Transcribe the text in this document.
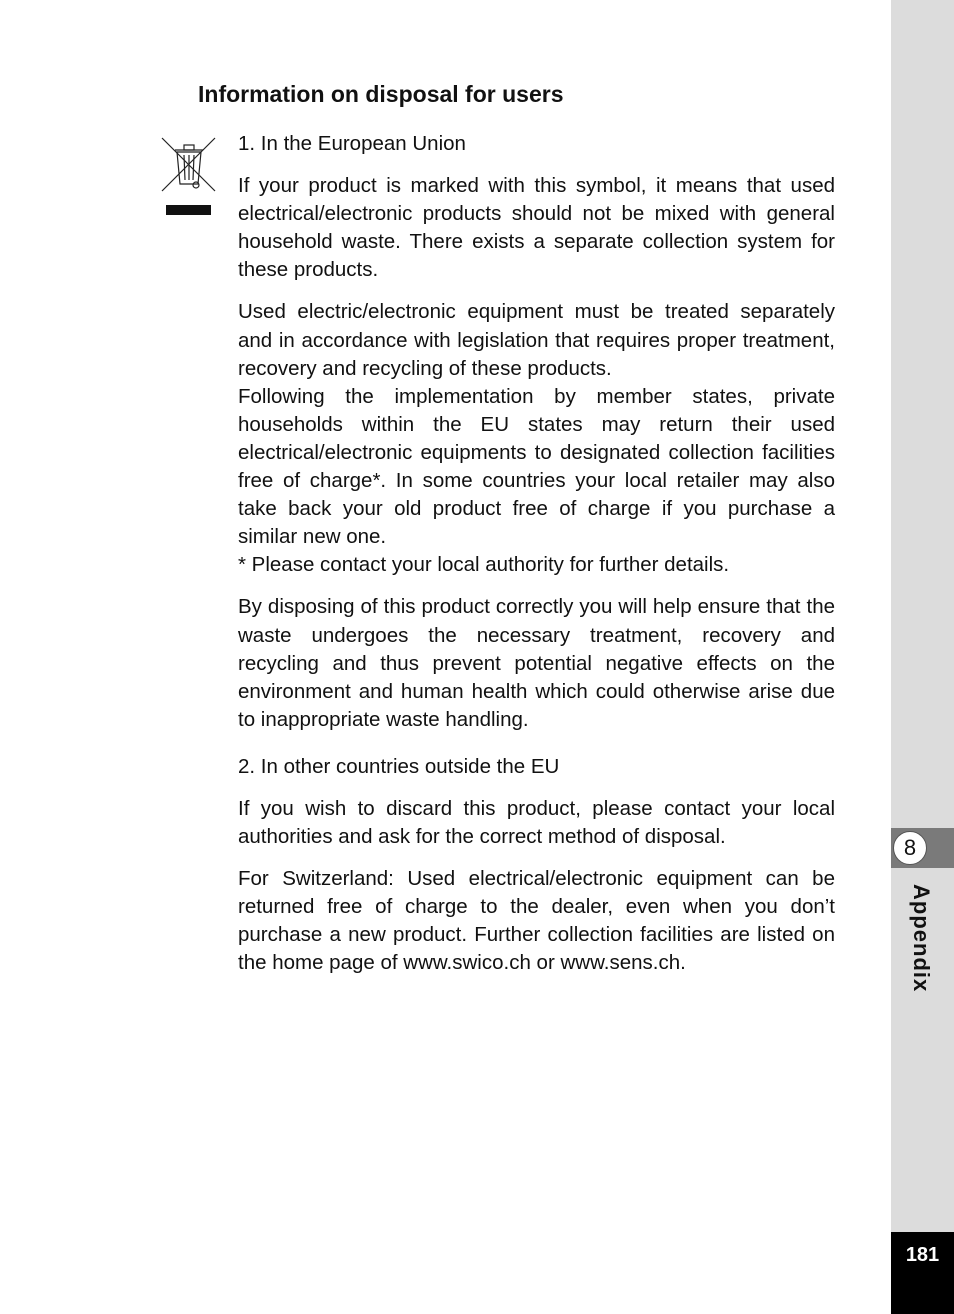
8
Appendix
181
Information on disposal for users

1. In the European Union

If your product is marked with this symbol, it means that used electrical/electronic products should not be mixed with general household waste. There exists a separate collection system for these products.

Used electric/electronic equipment must be treated separately and in accordance with legislation that requires proper treatment, recovery and recycling of these products.

Following the implementation by member states, private households within the EU states may return their used electrical/electronic equipments to designated collection facilities free of charge*. In some countries your local retailer may also take back your old product free of charge if you purchase a similar new one.

* Please contact your local authority for further details.

By disposing of this product correctly you will help ensure that the waste undergoes the necessary treatment, recovery and recycling and thus prevent potential negative effects on the environment and human health which could otherwise arise due to inappropriate waste handling.

2. In other countries outside the EU

If you wish to discard this product, please contact your local authorities and ask for the correct method of disposal.

For Switzerland: Used electrical/electronic equipment can be returned free of charge to the dealer, even when you don’t purchase a new product. Further collection facilities are listed on the home page of www.swico.ch or www.sens.ch.
